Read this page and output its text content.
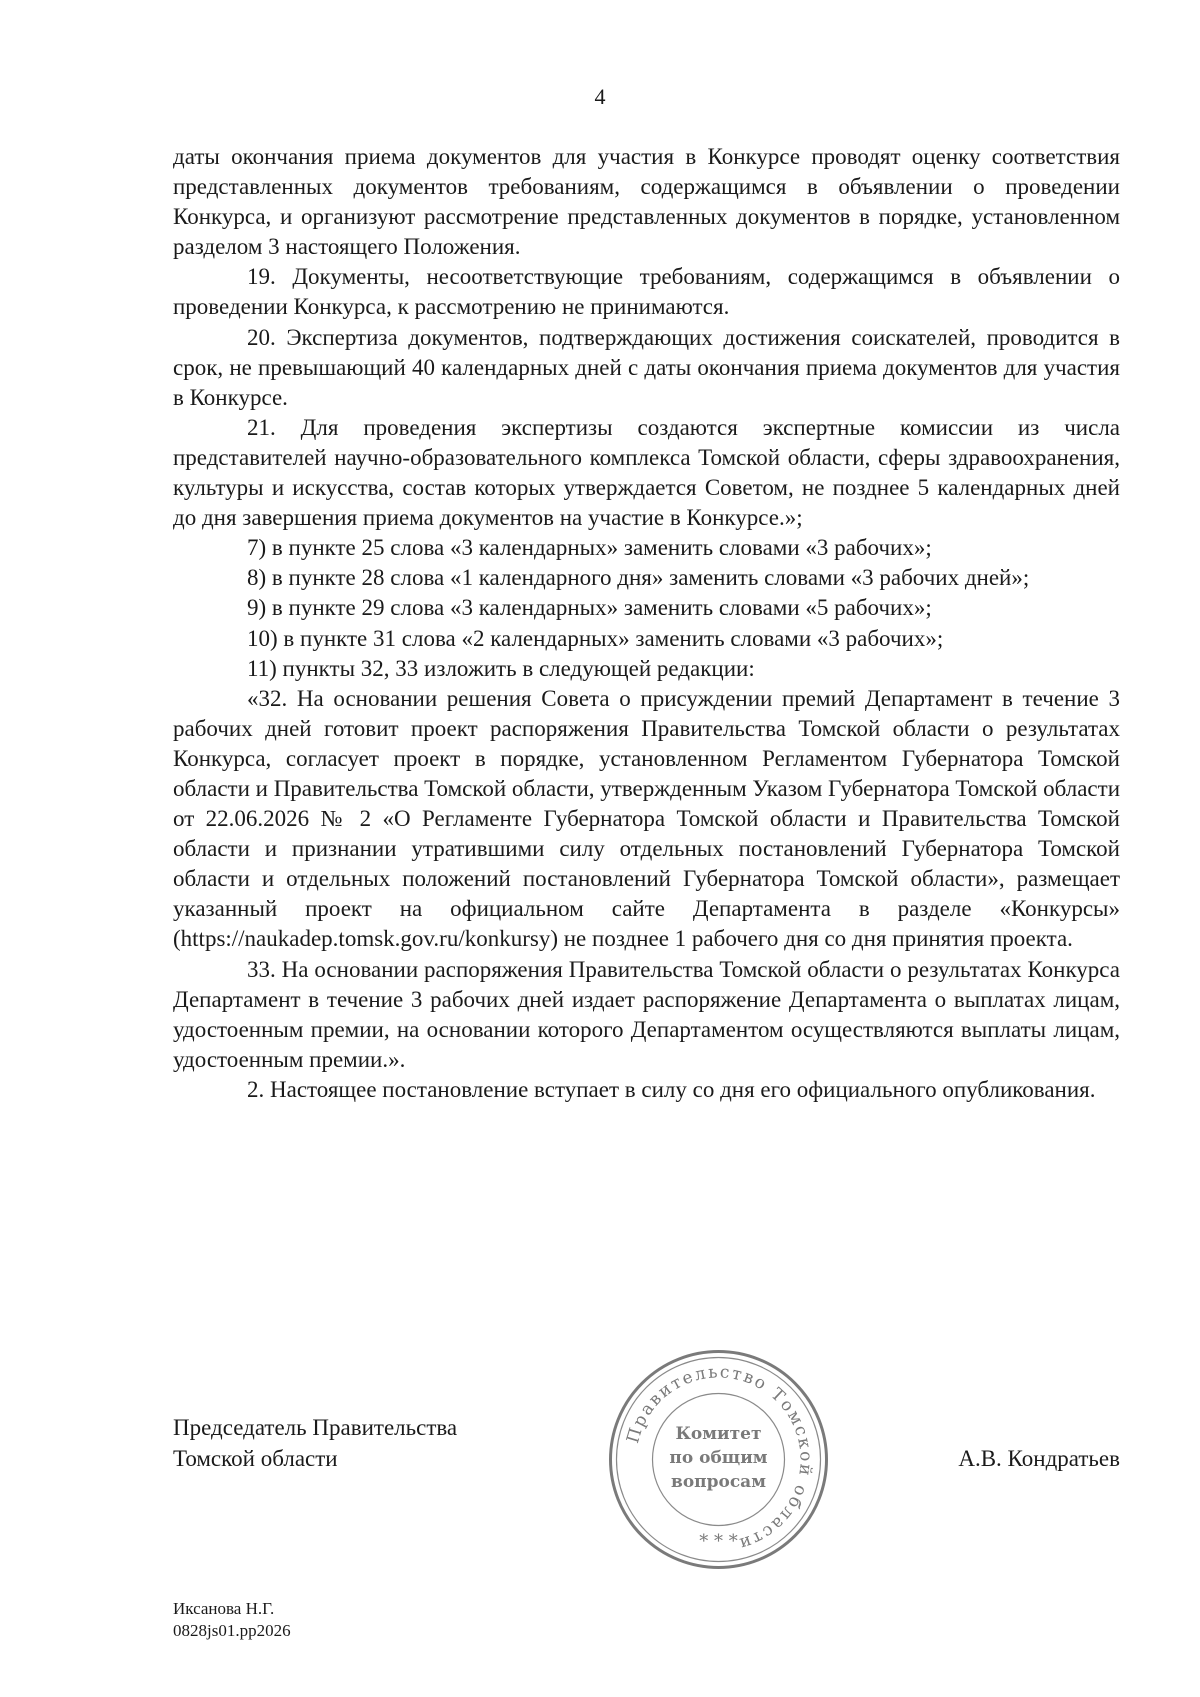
4

даты окончания приема документов для участия в Конкурсе проводят оценку соответствия представленных документов требованиям, содержащимся в объявлении о проведении Конкурса, и организуют рассмотрение представленных документов в порядке, установленном разделом 3 настоящего Положения.

19. Документы, несоответствующие требованиям, содержащимся в объявлении о проведении Конкурса, к рассмотрению не принимаются.

20. Экспертиза документов, подтверждающих достижения соискателей, проводится в срок, не превышающий 40 календарных дней с даты окончания приема документов для участия в Конкурсе.

21. Для проведения экспертизы создаются экспертные комиссии из числа представителей научно-образовательного комплекса Томской области, сферы здравоохранения, культуры и искусства, состав которых утверждается Советом, не позднее 5 календарных дней до дня завершения приема документов на участие в Конкурсе.»;

7) в пункте 25 слова «3 календарных» заменить словами «3 рабочих»;

8) в пункте 28 слова «1 календарного дня» заменить словами «3 рабочих дней»;

9) в пункте 29 слова «3 календарных» заменить словами «5 рабочих»;

10) в пункте 31 слова «2 календарных» заменить словами «3 рабочих»;

11) пункты 32, 33 изложить в следующей редакции:

«32. На основании решения Совета о присуждении премий Департамент в течение 3 рабочих дней готовит проект распоряжения Правительства Томской области о результатах Конкурса, согласует проект в порядке, установленном Регламентом Губернатора Томской области и Правительства Томской области, утвержденным Указом Губернатора Томской области от 22.06.2026 № 2 «О Регламенте Губернатора Томской области и Правительства Томской области и признании утратившими силу отдельных постановлений Губернатора Томской области и отдельных положений постановлений Губернатора Томской области», размещает указанный проект на официальном сайте Департамента в разделе «Конкурсы» (https://naukadep.tomsk.gov.ru/konkursy) не позднее 1 рабочего дня со дня принятия проекта.

33. На основании распоряжения Правительства Томской области о результатах Конкурса Департамент в течение 3 рабочих дней издает распоряжение Департамента о выплатах лицам, удостоенным премии, на основании которого Департаментом осуществляются выплаты лицам, удостоенным премии.».

2. Настоящее постановление вступает в силу со дня его официального опубликования.

Председатель Правительства
Томской области
Правительство Томской области
Комитет
по общим
вопросам
* * *
А.В. Кондратьев
Иксанова Н.Г.
0828js01.pp2026
